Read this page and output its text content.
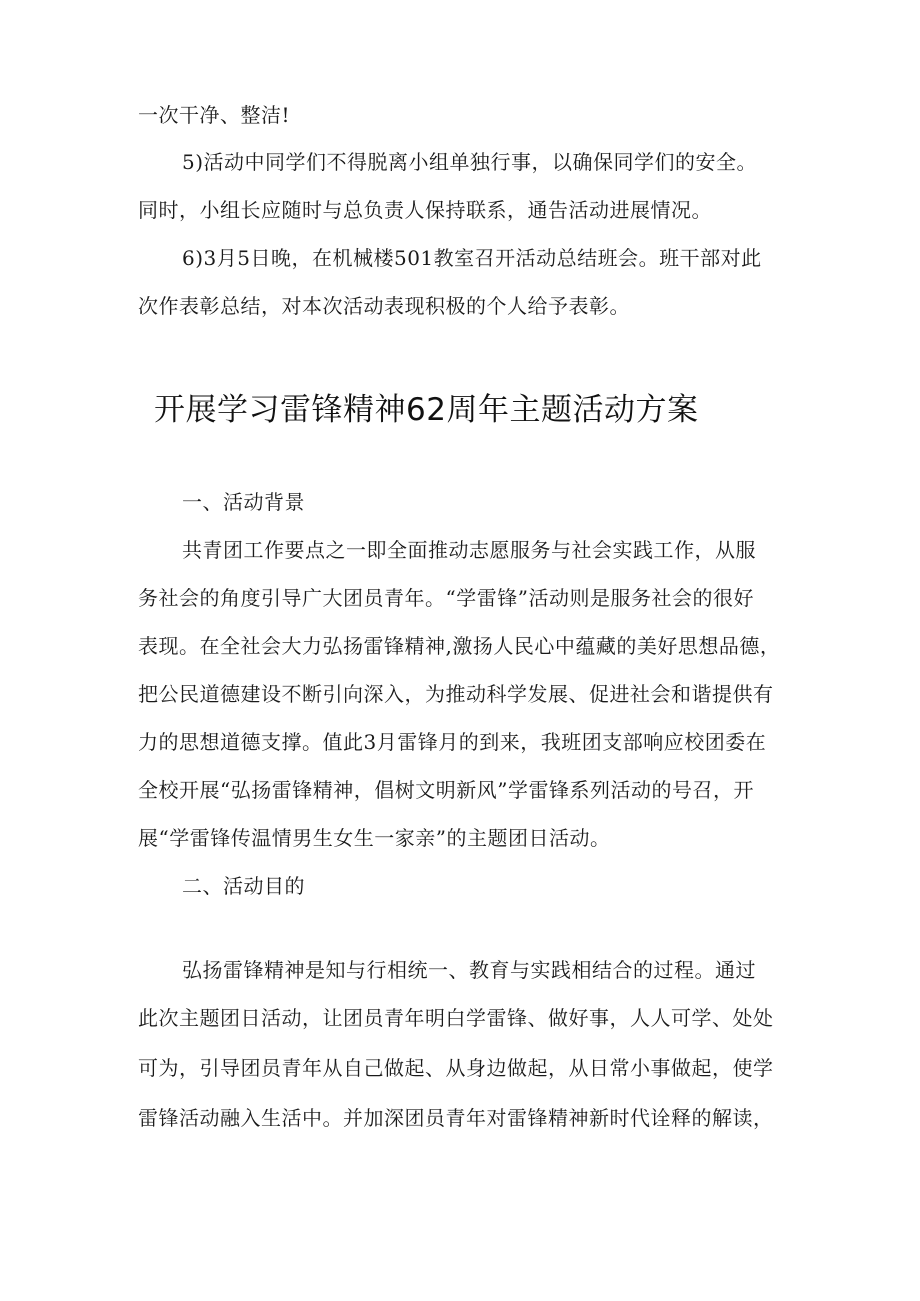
一次干净、整洁!
5)活动中同学们不得脱离小组单独行事，以确保同学们的安全。
同时，小组长应随时与总负责人保持联系，通告活动进展情况。
6)3月5日晚，在机械楼501教室召开活动总结班会。班干部对此
次作表彰总结，对本次活动表现积极的个人给予表彰。
开展学习雷锋精神62周年主题活动方案
一、活动背景
共青团工作要点之一即全面推动志愿服务与社会实践工作，从服
务社会的角度引导广大团员青年。“学雷锋”活动则是服务社会的很好
表现。在全社会大力弘扬雷锋精神,激扬人民心中蕴藏的美好思想品德，
把公民道德建设不断引向深入，为推动科学发展、促进社会和谐提供有
力的思想道德支撑。值此3月雷锋月的到来，我班团支部响应校团委在
全校开展“弘扬雷锋精神，倡树文明新风”学雷锋系列活动的号召，开
展“学雷锋传温情男生女生一家亲”的主题团日活动。
二、活动目的
弘扬雷锋精神是知与行相统一、教育与实践相结合的过程。通过
此次主题团日活动，让团员青年明白学雷锋、做好事，人人可学、处处
可为，引导团员青年从自己做起、从身边做起，从日常小事做起，使学
雷锋活动融入生活中。并加深团员青年对雷锋精神新时代诠释的解读，
